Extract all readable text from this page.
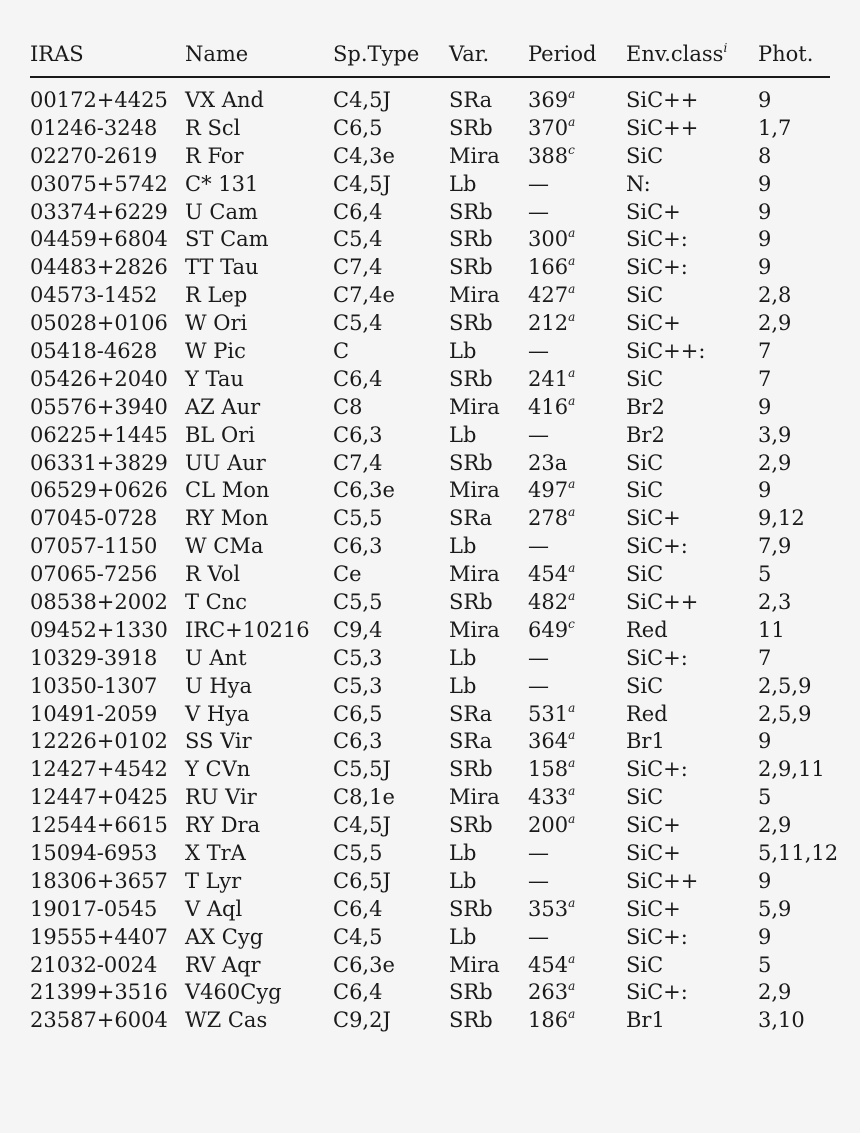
IRAS	Name	Sp.Type	Var.	Period	Env.class$^i$	Phot.
00172+4425	VX And	C4,5J	SRa	369$^a$	SiC++	9
01246-3248	R Scl	C6,5	SRb	370$^a$	SiC++	1,7
02270-2619	R For	C4,3e	Mira	388$^c$	SiC	8
03075+5742	C* 131	C4,5J	Lb	—	N:	9
03374+6229	U Cam	C6,4	SRb	—	SiC+	9
04459+6804	ST Cam	C5,4	SRb	300$^a$	SiC+:	9
04483+2826	TT Tau	C7,4	SRb	166$^a$	SiC+:	9
04573-1452	R Lep	C7,4e	Mira	427$^a$	SiC	2,8
05028+0106	W Ori	C5,4	SRb	212$^a$	SiC+	2,9
05418-4628	W Pic	C	Lb	—	SiC++:	7
05426+2040	Y Tau	C6,4	SRb	241$^a$	SiC	7
05576+3940	AZ Aur	C8	Mira	416$^a$	Br2	9
06225+1445	BL Ori	C6,3	Lb	—	Br2	3,9
06331+3829	UU Aur	C7,4	SRb	23a	SiC	2,9
06529+0626	CL Mon	C6,3e	Mira	497$^a$	SiC	9
07045-0728	RY Mon	C5,5	SRa	278$^a$	SiC+	9,12
07057-1150	W CMa	C6,3	Lb	—	SiC+:	7,9
07065-7256	R Vol	Ce	Mira	454$^a$	SiC	5
08538+2002	T Cnc	C5,5	SRb	482$^a$	SiC++	2,3
09452+1330	IRC+10216	C9,4	Mira	649$^c$	Red	11
10329-3918	U Ant	C5,3	Lb	—	SiC+:	7
10350-1307	U Hya	C5,3	Lb	—	SiC	2,5,9
10491-2059	V Hya	C6,5	SRa	531$^a$	Red	2,5,9
12226+0102	SS Vir	C6,3	SRa	364$^a$	Br1	9
12427+4542	Y CVn	C5,5J	SRb	158$^a$	SiC+:	2,9,11
12447+0425	RU Vir	C8,1e	Mira	433$^a$	SiC	5
12544+6615	RY Dra	C4,5J	SRb	200$^a$	SiC+	2,9
15094-6953	X TrA	C5,5	Lb	—	SiC+	5,11,12
18306+3657	T Lyr	C6,5J	Lb	—	SiC++	9
19017-0545	V Aql	C6,4	SRb	353$^a$	SiC+	5,9
19555+4407	AX Cyg	C4,5	Lb	—	SiC+:	9
21032-0024	RV Aqr	C6,3e	Mira	454$^a$	SiC	5
21399+3516	V460Cyg	C6,4	SRb	263$^a$	SiC+:	2,9
23587+6004	WZ Cas	C9,2J	SRb	186$^a$	Br1	3,10
